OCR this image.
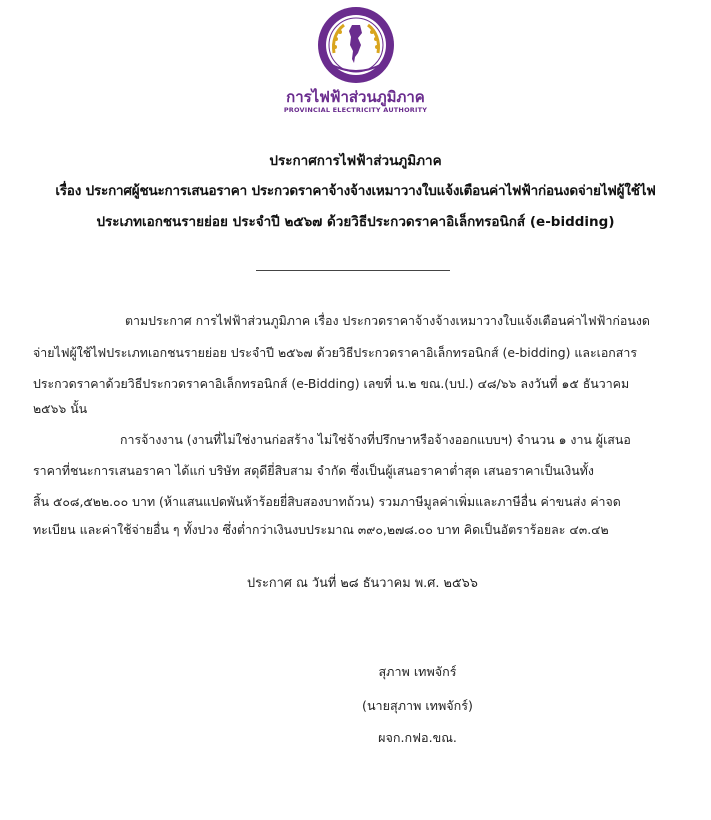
การไฟฟ้าส่วนภูมิภาค
PROVINCIAL ELECTRICITY AUTHORITY
ประกาศการไฟฟ้าส่วนภูมิภาค
เรื่อง ประกาศผู้ชนะการเสนอราคา ประกวดราคาจ้างจ้างเหมาวางใบแจ้งเตือนค่าไฟฟ้าก่อนงดจ่ายไฟผู้ใช้ไฟ
ประเภทเอกชนรายย่อย ประจำปี ๒๕๖๗ ด้วยวิธีประกวดราคาอิเล็กทรอนิกส์ (e-bidding)
ตามประกาศ การไฟฟ้าส่วนภูมิภาค เรื่อง ประกวดราคาจ้างจ้างเหมาวางใบแจ้งเตือนค่าไฟฟ้าก่อนงด
จ่ายไฟผู้ใช้ไฟประเภทเอกชนรายย่อย ประจำปี ๒๕๖๗ ด้วยวิธีประกวดราคาอิเล็กทรอนิกส์ (e-bidding) และเอกสาร
ประกวดราคาด้วยวิธีประกวดราคาอิเล็กทรอนิกส์ (e-Bidding) เลขที่ น.๒ ขณ.(บป.) ๔๘/๖๖ ลงวันที่ ๑๕ ธันวาคม
๒๕๖๖ นั้น
การจ้างงาน (งานที่ไม่ใช่งานก่อสร้าง ไม่ใช่จ้างที่ปรึกษาหรือจ้างออกแบบฯ) จำนวน ๑ งาน ผู้เสนอ
ราคาที่ชนะการเสนอราคา ได้แก่ บริษัท สดุดียี่สิบสาม จำกัด ซึ่งเป็นผู้เสนอราคาต่ำสุด เสนอราคาเป็นเงินทั้ง
สิ้น ๕๐๘,๕๒๒.๐๐ บาท (ห้าแสนแปดพันห้าร้อยยี่สิบสองบาทถ้วน) รวมภาษีมูลค่าเพิ่มและภาษีอื่น ค่าขนส่ง ค่าจด
ทะเบียน และค่าใช้จ่ายอื่น ๆ ทั้งปวง ซึ่งต่ำกว่าเงินงบประมาณ ๓๙๐,๒๗๘.๐๐ บาท คิดเป็นอัตราร้อยละ ๔๓.๔๒
ประกาศ ณ วันที่ ๒๘ ธันวาคม พ.ศ. ๒๕๖๖
สุภาพ เทพจักร์
(นายสุภาพ เทพจักร์)
ผจก.กฟอ.ขณ.
